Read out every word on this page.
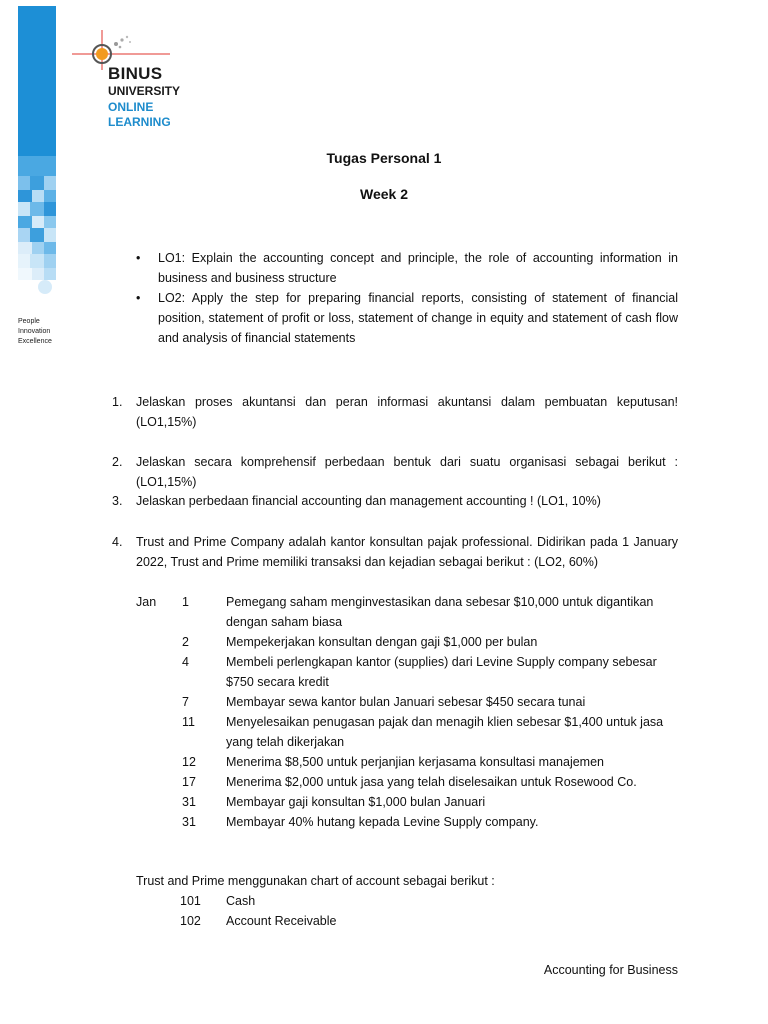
People
Innovation
Excellence
BINUS
UNIVERSITY
ONLINE
LEARNING
Tugas Personal 1
Week 2
• LO1: Explain the accounting concept and principle, the role of accounting information in business and business structure
• LO2: Apply the step for preparing financial reports, consisting of statement of financial position, statement of profit or loss, statement of change in equity and statement of cash flow and analysis of financial statements
1. Jelaskan proses akuntansi dan peran informasi akuntansi dalam pembuatan keputusan! (LO1,15%)
2. Jelaskan secara komprehensif perbedaan bentuk dari suatu organisasi sebagai berikut : (LO1,15%)
3. Jelaskan perbedaan financial accounting dan management accounting ! (LO1, 10%)
4. Trust and Prime Company adalah kantor konsultan pajak professional. Didirikan pada 1 January 2022, Trust and Prime memiliki transaksi dan kejadian sebagai berikut : (LO2, 60%)
Jan	1	Pemegang saham menginvestasikan dana sebesar $10,000 untuk digantikan dengan saham biasa
	2	Mempekerjakan konsultan dengan gaji $1,000 per bulan
	4	Membeli perlengkapan kantor (supplies) dari Levine Supply company sebesar $750 secara kredit
	7	Membayar sewa kantor bulan Januari sebesar $450 secara tunai
	11	Menyelesaikan penugasan pajak dan menagih klien sebesar $1,400 untuk jasa yang telah dikerjakan
	12	Menerima $8,500 untuk perjanjian kerjasama konsultasi manajemen
	17	Menerima $2,000 untuk jasa yang telah diselesaikan untuk Rosewood Co.
	31	Membayar gaji konsultan $1,000 bulan Januari
	31	Membayar 40% hutang kepada Levine Supply company.
Trust and Prime menggunakan chart of account sebagai berikut :
101	Cash
102	Account Receivable
Accounting for Business
